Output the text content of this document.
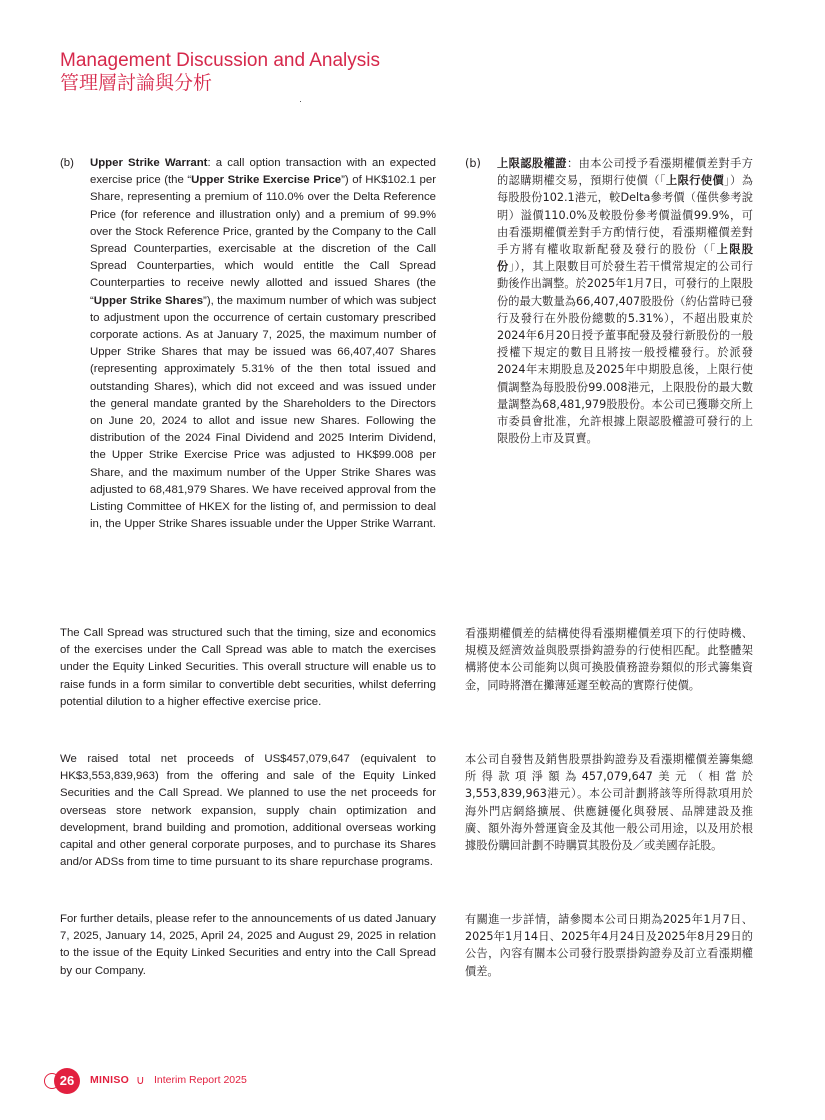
Management Discussion and Analysis
管理層討論與分析
(b) Upper Strike Warrant: a call option transaction with an expected exercise price (the “Upper Strike Exercise Price”) of HK$102.1 per Share, representing a premium of 110.0% over the Delta Reference Price (for reference and illustration only) and a premium of 99.9% over the Stock Reference Price, granted by the Company to the Call Spread Counterparties, exercisable at the discretion of the Call Spread Counterparties, which would entitle the Call Spread Counterparties to receive newly allotted and issued Shares (the “Upper Strike Shares”), the maximum number of which was subject to adjustment upon the occurrence of certain customary prescribed corporate actions. As at January 7, 2025, the maximum number of Upper Strike Shares that may be issued was 66,407,407 Shares (representing approximately 5.31% of the then total issued and outstanding Shares), which did not exceed and was issued under the general mandate granted by the Shareholders to the Directors on June 20, 2024 to allot and issue new Shares. Following the distribution of the 2024 Final Dividend and 2025 Interim Dividend, the Upper Strike Exercise Price was adjusted to HK$99.008 per Share, and the maximum number of the Upper Strike Shares was adjusted to 68,481,979 Shares. We have received approval from the Listing Committee of HKEX for the listing of, and permission to deal in, the Upper Strike Shares issuable under the Upper Strike Warrant.
(b) 上限認股權證：由本公司授予看漲期權價差對手方的認購期權交易，預期行使價（「上限行使價」）為每股股份102.1港元，較Delta參考價（僅供參考說明）溢價110.0%及較股份參考價溢價99.9%，可由看漲期權價差對手方酌情行使，看漲期權價差對手方將有權收取新配發及發行的股份（「上限股份」），其上限數目可於發生若干慣常規定的公司行動後作出調整。於2025年1月7日，可發行的上限股份的最大數量為66,407,407股股份（約佔當時已發行及發行在外股份總數的5.31%），不超出股東於2024年6月20日授予董事配發及發行新股份的一般授權下規定的數目且將按一般授權發行。於派發2024年末期股息及2025年中期股息後，上限行使價調整為每股股份99.008港元，上限股份的最大數量調整為68,481,979股股份。本公司已獲聯交所上市委員會批准，允許根據上限認股權證可發行的上限股份上市及買賣。

The Call Spread was structured such that the timing, size and economics of the exercises under the Call Spread was able to match the exercises under the Equity Linked Securities. This overall structure will enable us to raise funds in a form similar to convertible debt securities, whilst deferring potential dilution to a higher effective exercise price.

看漲期權價差的結構使得看漲期權價差項下的行使時機、規模及經濟效益與股票掛鈎證券的行使相匹配。此整體架構將使本公司能夠以與可換股債務證券類似的形式籌集資金，同時將潛在攤薄延遲至較高的實際行使價。

We raised total net proceeds of US$457,079,647 (equivalent to HK$3,553,839,963) from the offering and sale of the Equity Linked Securities and the Call Spread. We planned to use the net proceeds for overseas store network expansion, supply chain optimization and development, brand building and promotion, additional overseas working capital and other general corporate purposes, and to purchase its Shares and/or ADSs from time to time pursuant to its share repurchase programs.

本公司自發售及銷售股票掛鈎證券及看漲期權價差籌集總所得款項淨額為457,079,647美元（相當於3,553,839,963港元）。本公司計劃將該等所得款項用於海外門店網絡擴展、供應鏈優化與發展、品牌建設及推廣、額外海外營運資金及其他一般公司用途，以及用於根據股份購回計劃不時購買其股份及／或美國存託股。

For further details, please refer to the announcements of us dated January 7, 2025, January 14, 2025, April 24, 2025 and August 29, 2025 in relation to the issue of the Equity Linked Securities and entry into the Call Spread by our Company.

有關進一步詳情，請參閱本公司日期為2025年1月7日、2025年1月14日、2025年4月24日及2025年8月29日的公告，內容有關本公司發行股票掛鈎證券及訂立看漲期權價差。

26	MINISO ∪ Interim Report 2025
